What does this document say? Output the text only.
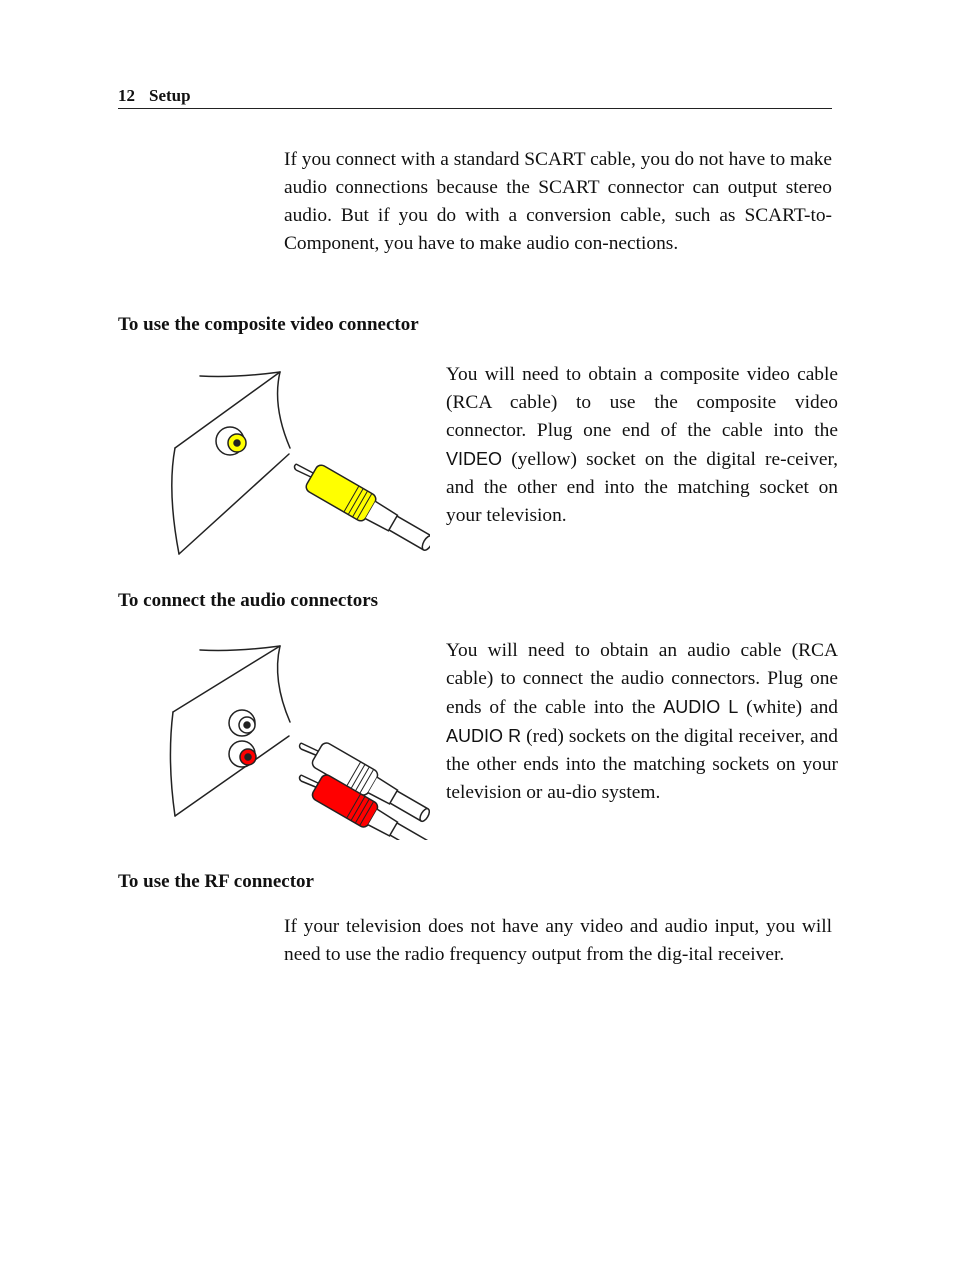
12 Setup

If you connect with a standard SCART cable, you do not have to make audio connections because the SCART connector can output stereo audio. But if you do with a conversion cable, such as SCART-to-Component, you have to make audio con-nections.

To use the composite video connector

You will need to obtain a composite video cable (RCA cable) to use the composite video connector. Plug one end of the cable into the VIDEO (yellow) socket on the digital re-ceiver, and the other end into the matching socket on your television.

To connect the audio connectors

You will need to obtain an audio cable (RCA cable) to connect the audio connectors. Plug one ends of the cable into the AUDIO L (white) and AUDIO R (red) sockets on the digital receiver, and the other ends into the matching sockets on your television or au-dio system.

To use the RF connector

If your television does not have any video and audio input, you will need to use the radio frequency output from the dig-ital receiver.
